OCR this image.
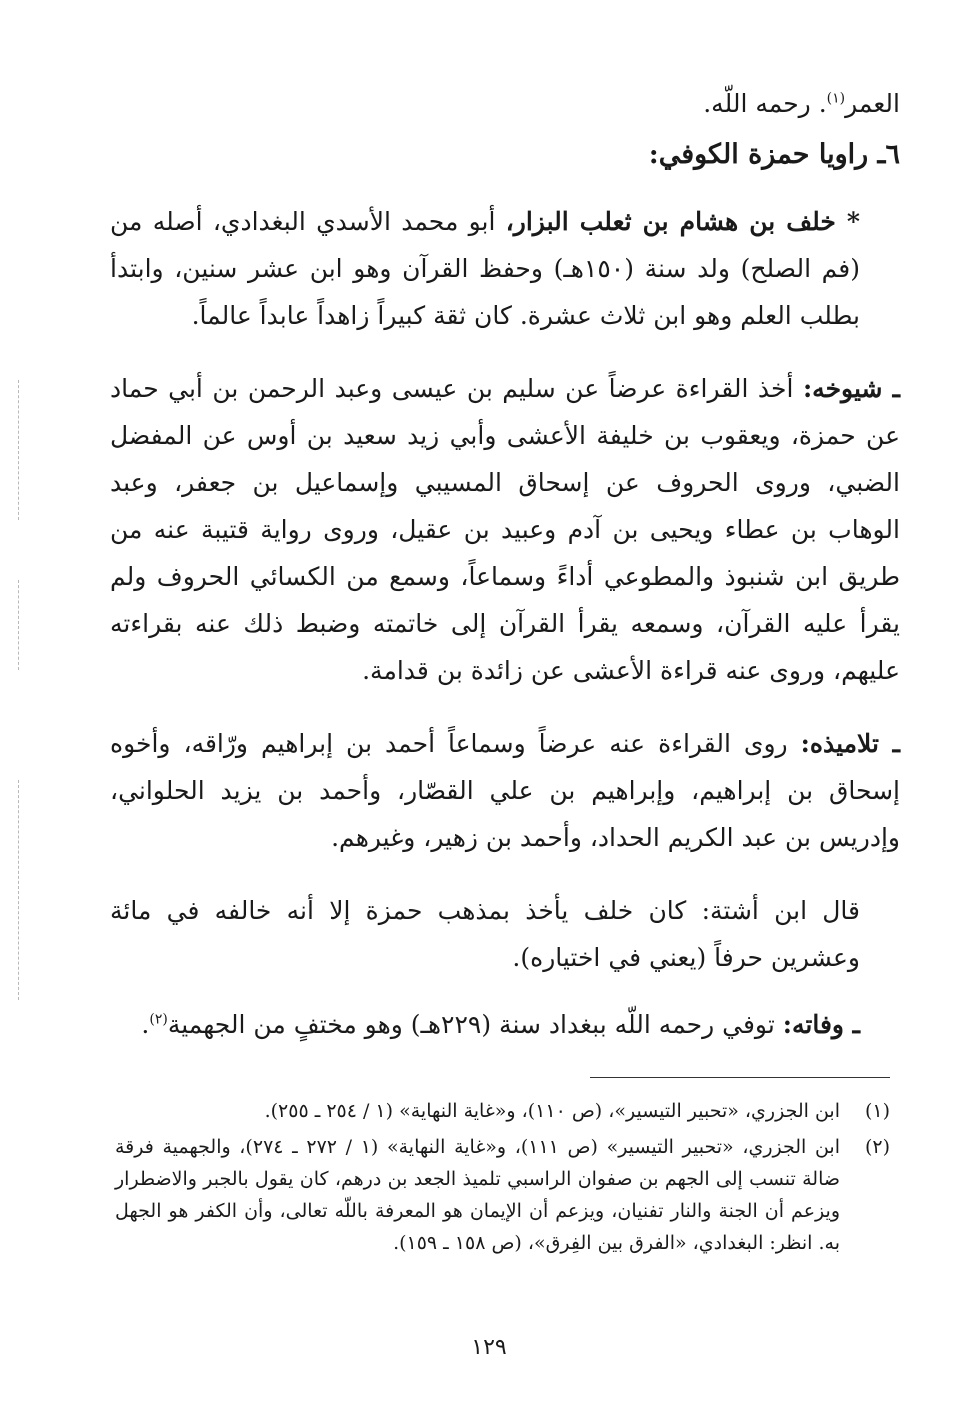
العمر$^{(١)}$. رحمه اللّه.

٦ـ راويا حمزة الكوفي:

* خلف بن هشام بن ثعلب البزار، أبو محمد الأسدي البغدادي، أصله من (فم الصلح) ولد سنة (١٥٠هـ) وحفظ القرآن وهو ابن عشر سنين، وابتدأ بطلب العلم وهو ابن ثلاث عشرة. كان ثقة كبيراً زاهداً عابداً عالماً.

ـ شيوخه: أخذ القراءة عرضاً عن سليم بن عيسى وعبد الرحمن بن أبي حماد عن حمزة، ويعقوب بن خليفة الأعشى وأبي زيد سعيد بن أوس عن المفضل الضبي، وروى الحروف عن إسحاق المسيبي وإسماعيل بن جعفر، وعبد الوهاب بن عطاء ويحيى بن آدم وعبيد بن عقيل، وروى رواية قتيبة عنه من طريق ابن شنبوذ والمطوعي أداءً وسماعاً، وسمع من الكسائي الحروف ولم يقرأ عليه القرآن، وسمعه يقرأ القرآن إلى خاتمته وضبط ذلك عنه بقراءته عليهم، وروى عنه قراءة الأعشى عن زائدة بن قدامة.

ـ تلاميذه: روى القراءة عنه عرضاً وسماعاً أحمد بن إبراهيم ورّاقه، وأخوه إسحاق بن إبراهيم، وإبراهيم بن علي القصّار، وأحمد بن يزيد الحلواني، وإدريس بن عبد الكريم الحداد، وأحمد بن زهير، وغيرهم.

قال ابن أشتة: كان خلف يأخذ بمذهب حمزة إلا أنه خالفه في مائة وعشرين حرفاً (يعني في اختياره).

ـ وفاته: توفي رحمه اللّه ببغداد سنة (٢٢٩هـ) وهو مختفٍ من الجهمية$^{(٢)}$.

(١)
ابن الجزري، «تحبير التيسير»، (ص ١١٠)، و«غاية النهاية» (١ / ٢٥٤ ـ ٢٥٥).
(٢)
ابن الجزري، «تحبير التيسير» (ص ١١١)، و«غاية النهاية» (١ / ٢٧٢ ـ ٢٧٤)، والجهمية فرقة ضالة تنسب إلى الجهم بن صفوان الراسبي تلميذ الجعد بن درهم، كان يقول بالجبر والاضطرار ويزعم أن الجنة والنار تفنيان، ويزعم أن الإيمان هو المعرفة باللّه تعالى، وأن الكفر هو الجهل به. انظر: البغدادي، «الفرق بين الفِرق»، (ص ١٥٨ ـ ١٥٩).
١٢٩
